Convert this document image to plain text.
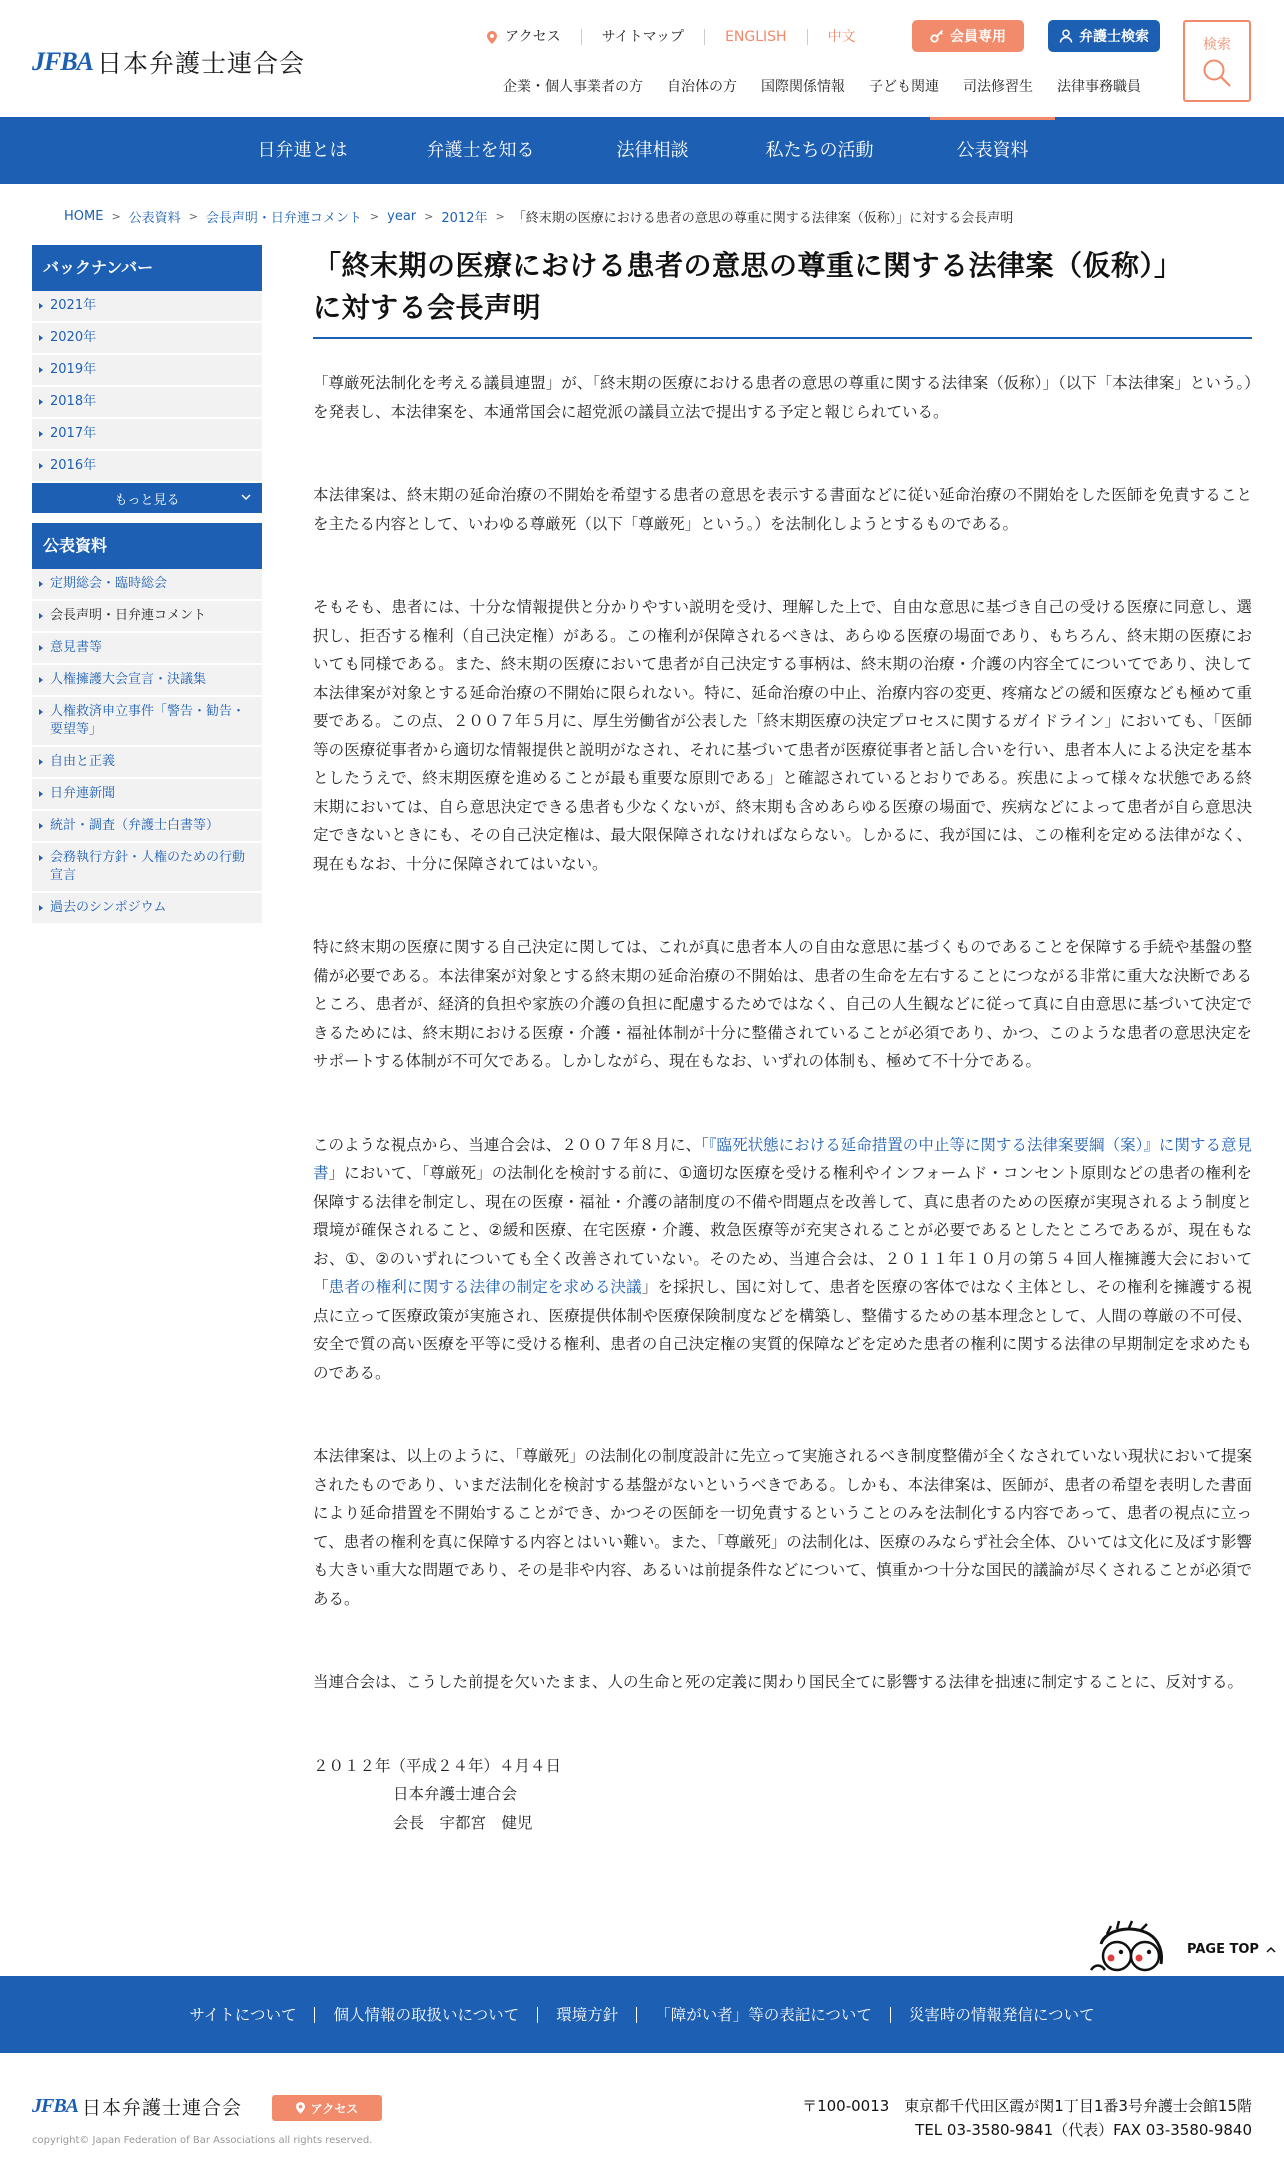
JFBA 日本弁護士連合会
アクセス	サイトマップ	ENGLISH	中文	会員専用	弁護士検索	検索
企業・個人事業者の方 自治体の方 国際関係情報 子ども関連 司法修習生 法律事務職員
日弁連とは	弁護士を知る	法律相談	私たちの活動	公表資料
HOME > 公表資料 > 会長声明・日弁連コメント > year > 2012年 > 「終末期の医療における患者の意思の尊重に関する法律案（仮称）」に対する会長声明
バックナンバー
2021年
2020年
2019年
2018年
2017年
2016年
もっと見る
公表資料
定期総会・臨時総会
会長声明・日弁連コメント
意見書等
人権擁護大会宣言・決議集
人権救済申立事件「警告・勧告・要望等」
自由と正義
日弁連新聞
統計・調査（弁護士白書等）
会務執行方針・人権のための行動宣言
過去のシンポジウム
「終末期の医療における患者の意思の尊重に関する法律案（仮称）」
に対する会長声明

「尊厳死法制化を考える議員連盟」が、「終末期の医療における患者の意思の尊重に関する法律案（仮称）」（以下「本法律案」という。）を発表し、本法律案を、本通常国会に超党派の議員立法で提出する予定と報じられている。

本法律案は、終末期の延命治療の不開始を希望する患者の意思を表示する書面などに従い延命治療の不開始をした医師を免責することを主たる内容として、いわゆる尊厳死（以下「尊厳死」という。）を法制化しようとするものである。

そもそも、患者には、十分な情報提供と分かりやすい説明を受け、理解した上で、自由な意思に基づき自己の受ける医療に同意し、選択し、拒否する権利（自己決定権）がある。この権利が保障されるべきは、あらゆる医療の場面であり、もちろん、終末期の医療においても同様である。また、終末期の医療において患者が自己決定する事柄は、終末期の治療・介護の内容全てについてであり、決して本法律案が対象とする延命治療の不開始に限られない。特に、延命治療の中止、治療内容の変更、疼痛などの緩和医療なども極めて重要である。この点、２００７年５月に、厚生労働省が公表した「終末期医療の決定プロセスに関するガイドライン」においても、「医師等の医療従事者から適切な情報提供と説明がなされ、それに基づいて患者が医療従事者と話し合いを行い、患者本人による決定を基本としたうえで、終末期医療を進めることが最も重要な原則である」と確認されているとおりである。疾患によって様々な状態である終末期においては、自ら意思決定できる患者も少なくないが、終末期も含めあらゆる医療の場面で、疾病などによって患者が自ら意思決定できないときにも、その自己決定権は、最大限保障されなければならない。しかるに、我が国には、この権利を定める法律がなく、現在もなお、十分に保障されてはいない。

特に終末期の医療に関する自己決定に関しては、これが真に患者本人の自由な意思に基づくものであることを保障する手続や基盤の整備が必要である。本法律案が対象とする終末期の延命治療の不開始は、患者の生命を左右することにつながる非常に重大な決断であるところ、患者が、経済的負担や家族の介護の負担に配慮するためではなく、自己の人生観などに従って真に自由意思に基づいて決定できるためには、終末期における医療・介護・福祉体制が十分に整備されていることが必須であり、かつ、このような患者の意思決定をサポートする体制が不可欠である。しかしながら、現在もなお、いずれの体制も、極めて不十分である。

このような視点から、当連合会は、２００７年８月に、「『臨死状態における延命措置の中止等に関する法律案要綱（案）』に関する意見書」において、「尊厳死」の法制化を検討する前に、①適切な医療を受ける権利やインフォームド・コンセント原則などの患者の権利を保障する法律を制定し、現在の医療・福祉・介護の諸制度の不備や問題点を改善して、真に患者のための医療が実現されるよう制度と環境が確保されること、②緩和医療、在宅医療・介護、救急医療等が充実されることが必要であるとしたところであるが、現在もなお、①、②のいずれについても全く改善されていない。そのため、当連合会は、２０１１年１０月の第５４回人権擁護大会において「患者の権利に関する法律の制定を求める決議」を採択し、国に対して、患者を医療の客体ではなく主体とし、その権利を擁護する視点に立って医療政策が実施され、医療提供体制や医療保険制度などを構築し、整備するための基本理念として、人間の尊厳の不可侵、安全で質の高い医療を平等に受ける権利、患者の自己決定権の実質的保障などを定めた患者の権利に関する法律の早期制定を求めたものである。

本法律案は、以上のように、「尊厳死」の法制化の制度設計に先立って実施されるべき制度整備が全くなされていない現状において提案されたものであり、いまだ法制化を検討する基盤がないというべきである。しかも、本法律案は、医師が、患者の希望を表明した書面により延命措置を不開始することができ、かつその医師を一切免責するということのみを法制化する内容であって、患者の視点に立って、患者の権利を真に保障する内容とはいい難い。また、「尊厳死」の法制化は、医療のみならず社会全体、ひいては文化に及ぼす影響も大きい重大な問題であり、その是非や内容、あるいは前提条件などについて、慎重かつ十分な国民的議論が尽くされることが必須である。

当連合会は、こうした前提を欠いたまま、人の生命と死の定義に関わり国民全てに影響する法律を拙速に制定することに、反対する。

２０１２年（平成２４年）４月４日
日本弁護士連合会
会長　宇都宮　健児
PAGE TOP
サイトについて	個人情報の取扱いについて	環境方針	「障がい者」等の表記について	災害時の情報発信について
JFBA 日本弁護士連合会	アクセス
copyright© Japan Federation of Bar Associations all rights reserved.
〒100-0013　東京都千代田区霞が関1丁目1番3号弁護士会館15階
TEL 03-3580-9841（代表）FAX 03-3580-9840
